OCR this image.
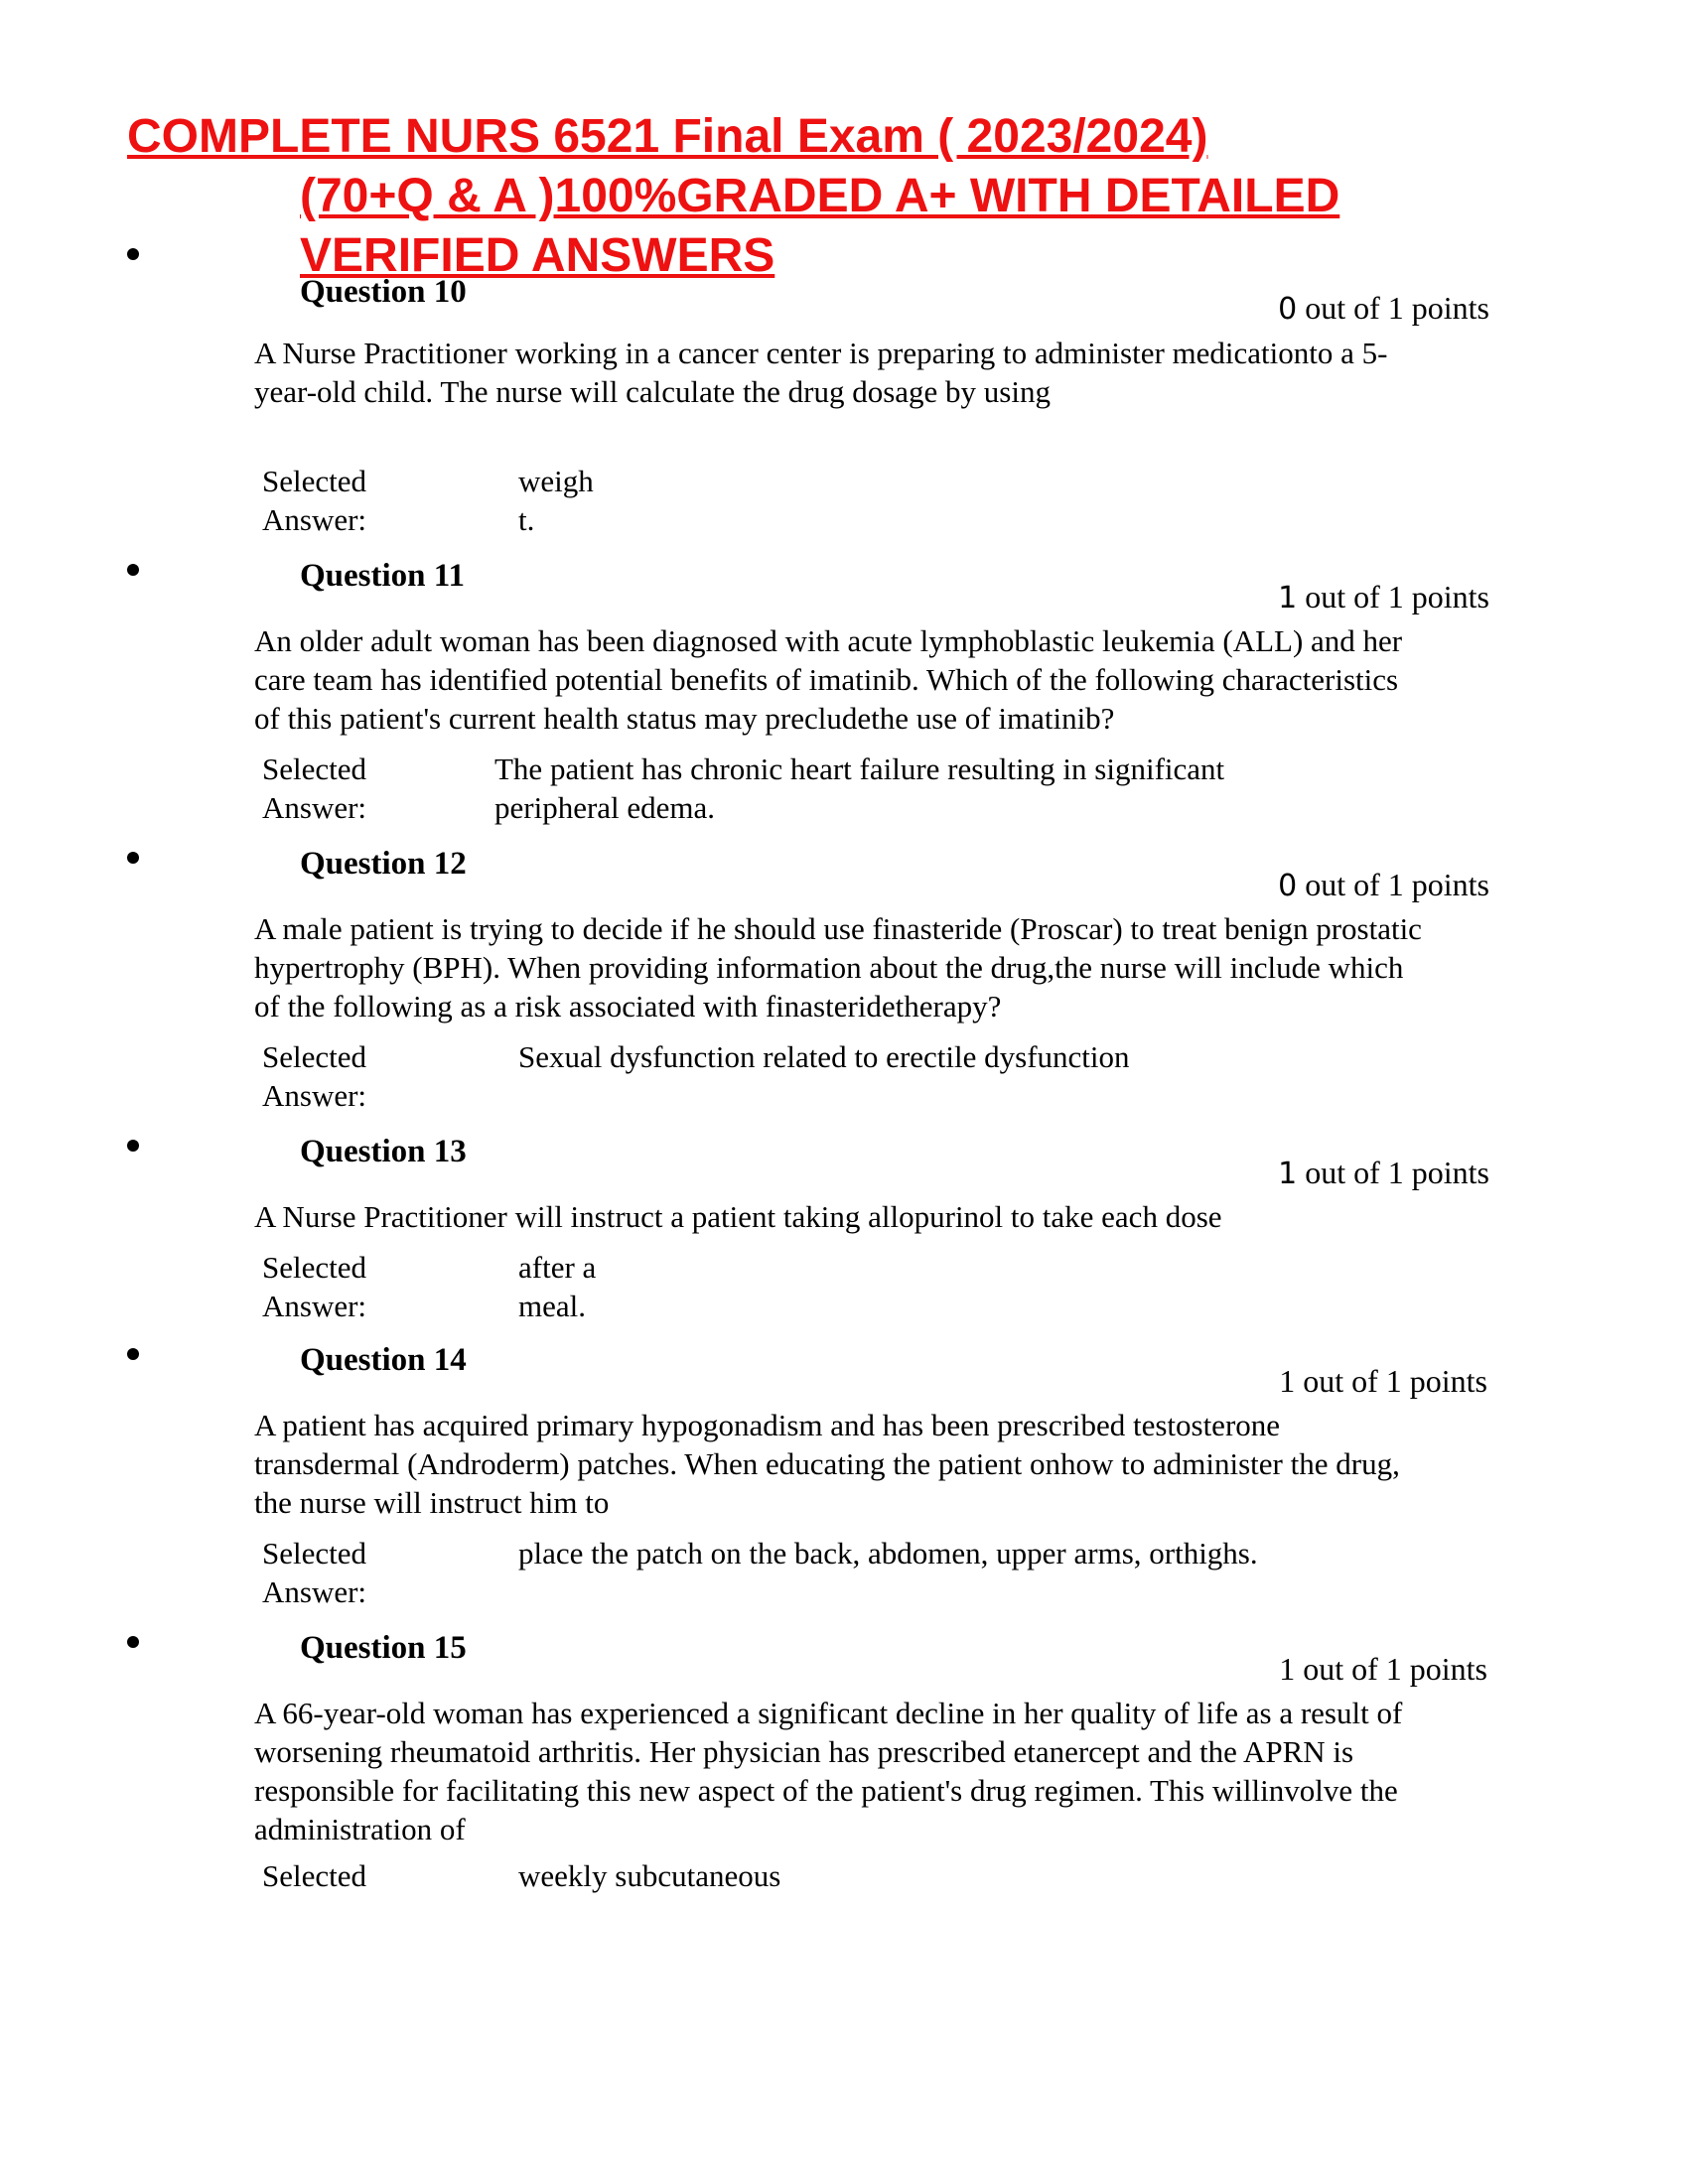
COMPLETE NURS 6521 Final Exam ( 2023/2024)
(70+Q & A )100%GRADED A+ WITH DETAILED
VERIFIED ANSWERS
Question 10	0 out of 1 points
A Nurse Practitioner working in a cancer center is preparing to administer medicationto a 5-year-old child. The nurse will calculate the drug dosage by using
Selected
Answer:
weigh
t.
Question 11
1 out of 1 points
An older adult woman has been diagnosed with acute lymphoblastic leukemia (ALL) and her care team has identified potential benefits of imatinib. Which of the following characteristics of this patient's current health status may precludethe use of imatinib?
Selected
Answer:
The patient has chronic heart failure resulting in significant
peripheral edema.
Question 12
0 out of 1 points
A male patient is trying to decide if he should use finasteride (Proscar) to treat benign prostatic hypertrophy (BPH). When providing information about the drug,the nurse will include which of the following as a risk associated with finasteridetherapy?
Selected
Answer:
Sexual dysfunction related to erectile dysfunction
Question 13
1 out of 1 points
A Nurse Practitioner will instruct a patient taking allopurinol to take each dose
Selected
Answer:
after a
meal.
Question 14
1 out of 1 points
A patient has acquired primary hypogonadism and has been prescribed testosterone transdermal (Androderm) patches. When educating the patient onhow to administer the drug, the nurse will instruct him to
Selected
Answer:
place the patch on the back, abdomen, upper arms, orthighs.
Question 15
1 out of 1 points
A 66-year-old woman has experienced a significant decline in her quality of life as a result of worsening rheumatoid arthritis. Her physician has prescribed etanercept and the APRN is responsible for facilitating this new aspect of the patient's drug regimen. This willinvolve the administration of
Selected	weekly subcutaneous
